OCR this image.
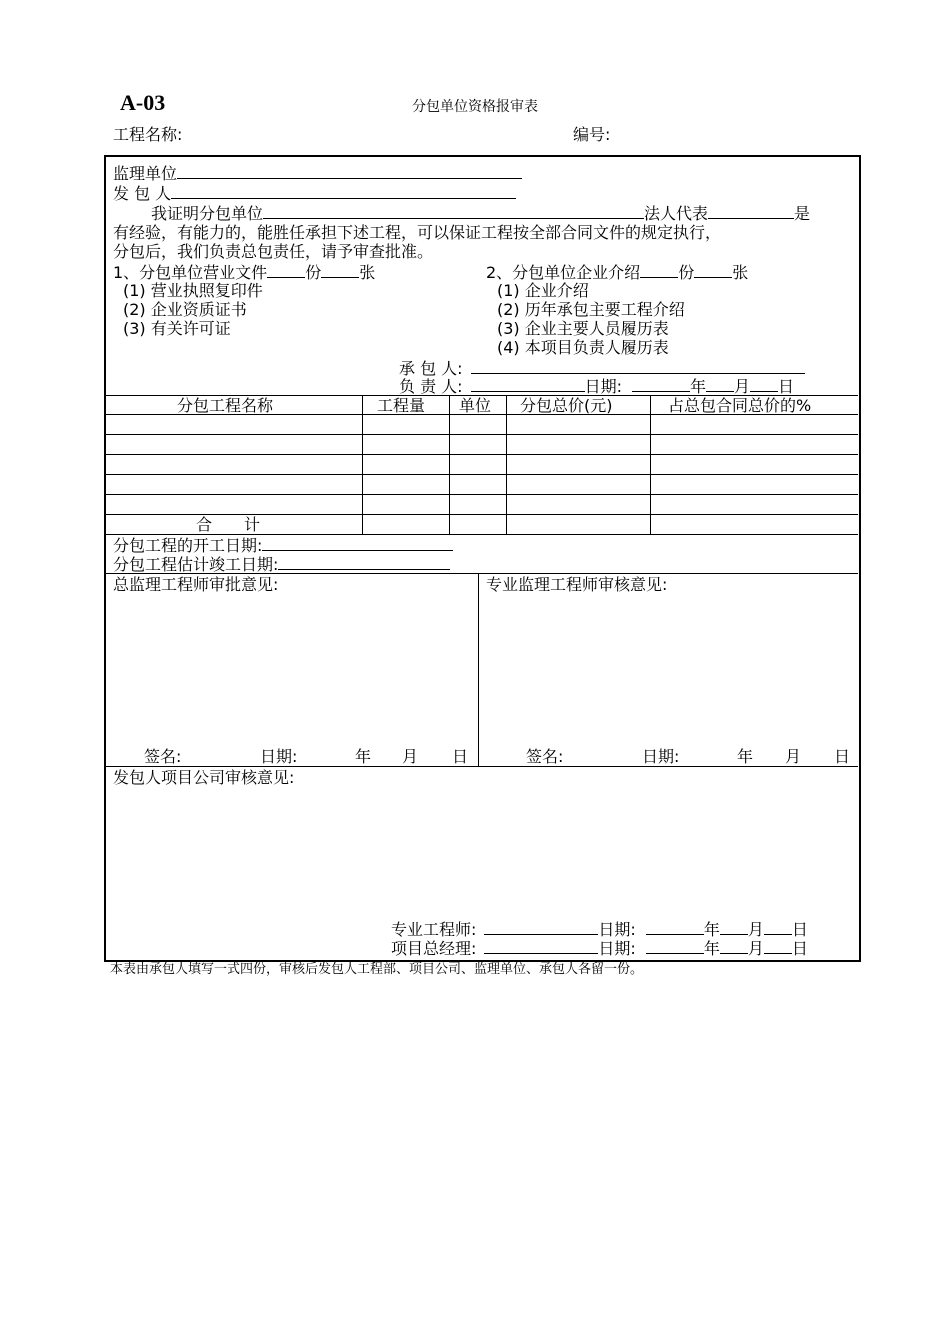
A-03	分包单位资格报审表
工程名称:	编号:
监理单位
发 包 人
我证明分包单位	法人代表	是
有经验，有能力的，能胜任承担下述工程，可以保证工程按全部合同文件的规定执行，
分包后，我们负责总包责任，请予审查批准。
1、分包单位营业文件 份 张	2、分包单位企业介绍 份 张
(1) 营业执照复印件
(2) 企业资质证书
(3) 有关许可证
(1) 企业介绍
(2) 历年承包主要工程介绍
(3) 企业主要人员履历表
(4) 本项目负责人履历表
承 包 人:
负 责 人:	日期:	年 月 日
分包工程名称	工程量 单位 分包总价(元)	占总包合同总价的%
合　　计
分包工程的开工日期:
分包工程估计竣工日期:
总监理工程师审批意见:	专业监理工程师审核意见:
签名:	日期:	年 月 日	签名:	日期:	年 月 日
发包人项目公司审核意见:
专业工程师:	日期:	年 月 日
项目总经理:	日期:	年 月 日
本表由承包人填写一式四份，审核后发包人工程部、项目公司、监理单位、承包人各留一份。
